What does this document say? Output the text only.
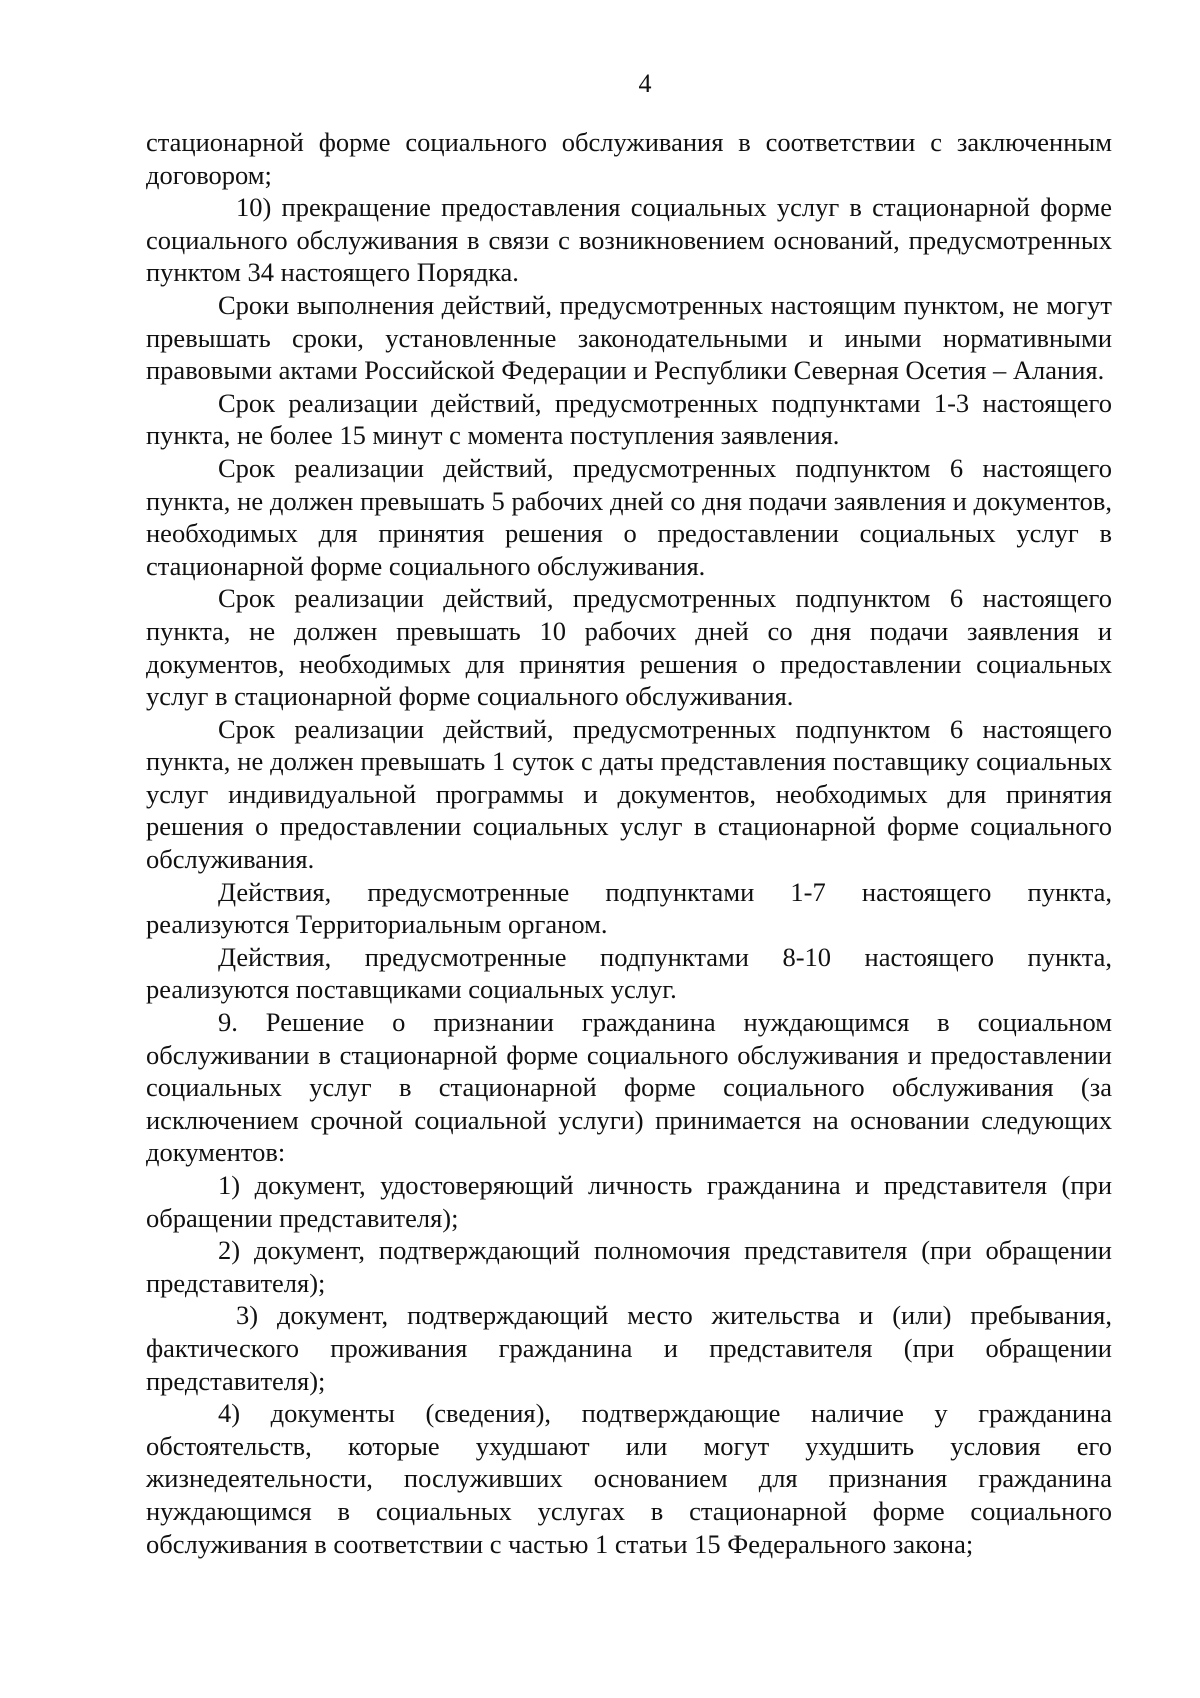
4

стационарной форме социального обслуживания в соответствии с заключенным договором;

10) прекращение предоставления социальных услуг в стационарной форме социального обслуживания в связи с возникновением оснований, предусмотренных пунктом 34 настоящего Порядка.

Сроки выполнения действий, предусмотренных настоящим пунктом, не могут превышать сроки, установленные законодательными и иными нормативными правовыми актами Российской Федерации и Республики Северная Осетия – Алания.

Срок реализации действий, предусмотренных подпунктами 1-3 настоящего пункта, не более 15 минут с момента поступления заявления.

Срок реализации действий, предусмотренных подпунктом 6 настоящего пункта, не должен превышать 5 рабочих дней со дня подачи заявления и документов, необходимых для принятия решения о предоставлении социальных услуг в стационарной форме социального обслуживания.

Срок реализации действий, предусмотренных подпунктом 6 настоящего пункта, не должен превышать 10 рабочих дней со дня подачи заявления и документов, необходимых для принятия решения о предоставлении социальных услуг в стационарной форме социального обслуживания.

Срок реализации действий, предусмотренных подпунктом 6 настоящего пункта, не должен превышать 1 суток с даты представления поставщику социальных услуг индивидуальной программы и документов, необходимых для принятия решения о предоставлении социальных услуг в стационарной форме социального обслуживания.

Действия, предусмотренные подпунктами 1-7 настоящего пункта, реализуются Территориальным органом.

Действия, предусмотренные подпунктами 8-10 настоящего пункта, реализуются поставщиками социальных услуг.

9. Решение о признании гражданина нуждающимся в социальном обслуживании в стационарной форме социального обслуживания и предоставлении социальных услуг в стационарной форме социального обслуживания (за исключением срочной социальной услуги) принимается на основании следующих документов:

1) документ, удостоверяющий личность гражданина и представителя (при обращении представителя);

2) документ, подтверждающий полномочия представителя (при обращении представителя);

3) документ, подтверждающий место жительства и (или) пребывания, фактического проживания гражданина и представителя (при обращении представителя);

4) документы (сведения), подтверждающие наличие у гражданина обстоятельств, которые ухудшают или могут ухудшить условия его жизнедеятельности, послуживших основанием для признания гражданина нуждающимся в социальных услугах в стационарной форме социального обслуживания в соответствии с частью 1 статьи 15 Федерального закона;
